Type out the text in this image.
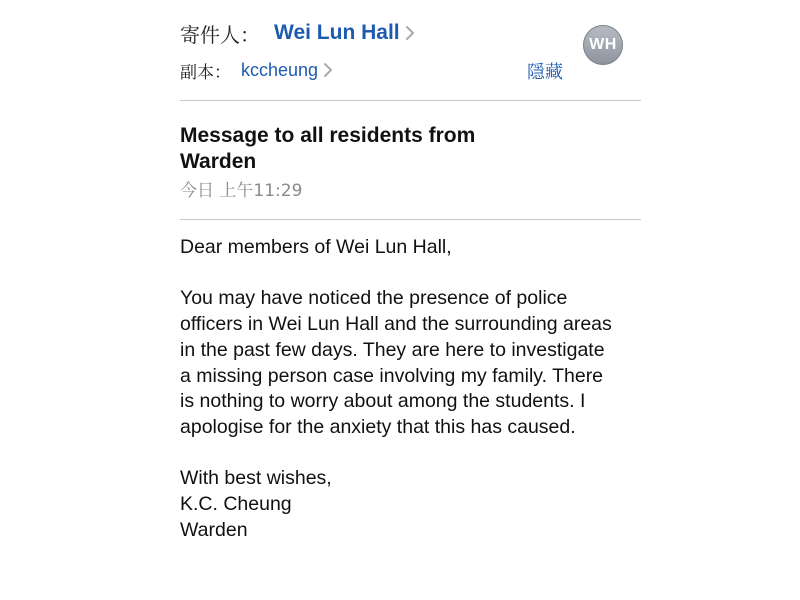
寄件人： Wei Lun Hall
副本： kccheung	隱藏
WH
Message to all residents from Warden
今日 上午11:29

Dear members of Wei Lun Hall,

You may have noticed the presence of police officers in Wei Lun Hall and the surrounding areas in the past few days. They are here to investigate a missing person case involving my family. There is nothing to worry about among the students. I apologise for the anxiety that this has caused.

With best wishes,

K.C. Cheung

Warden
